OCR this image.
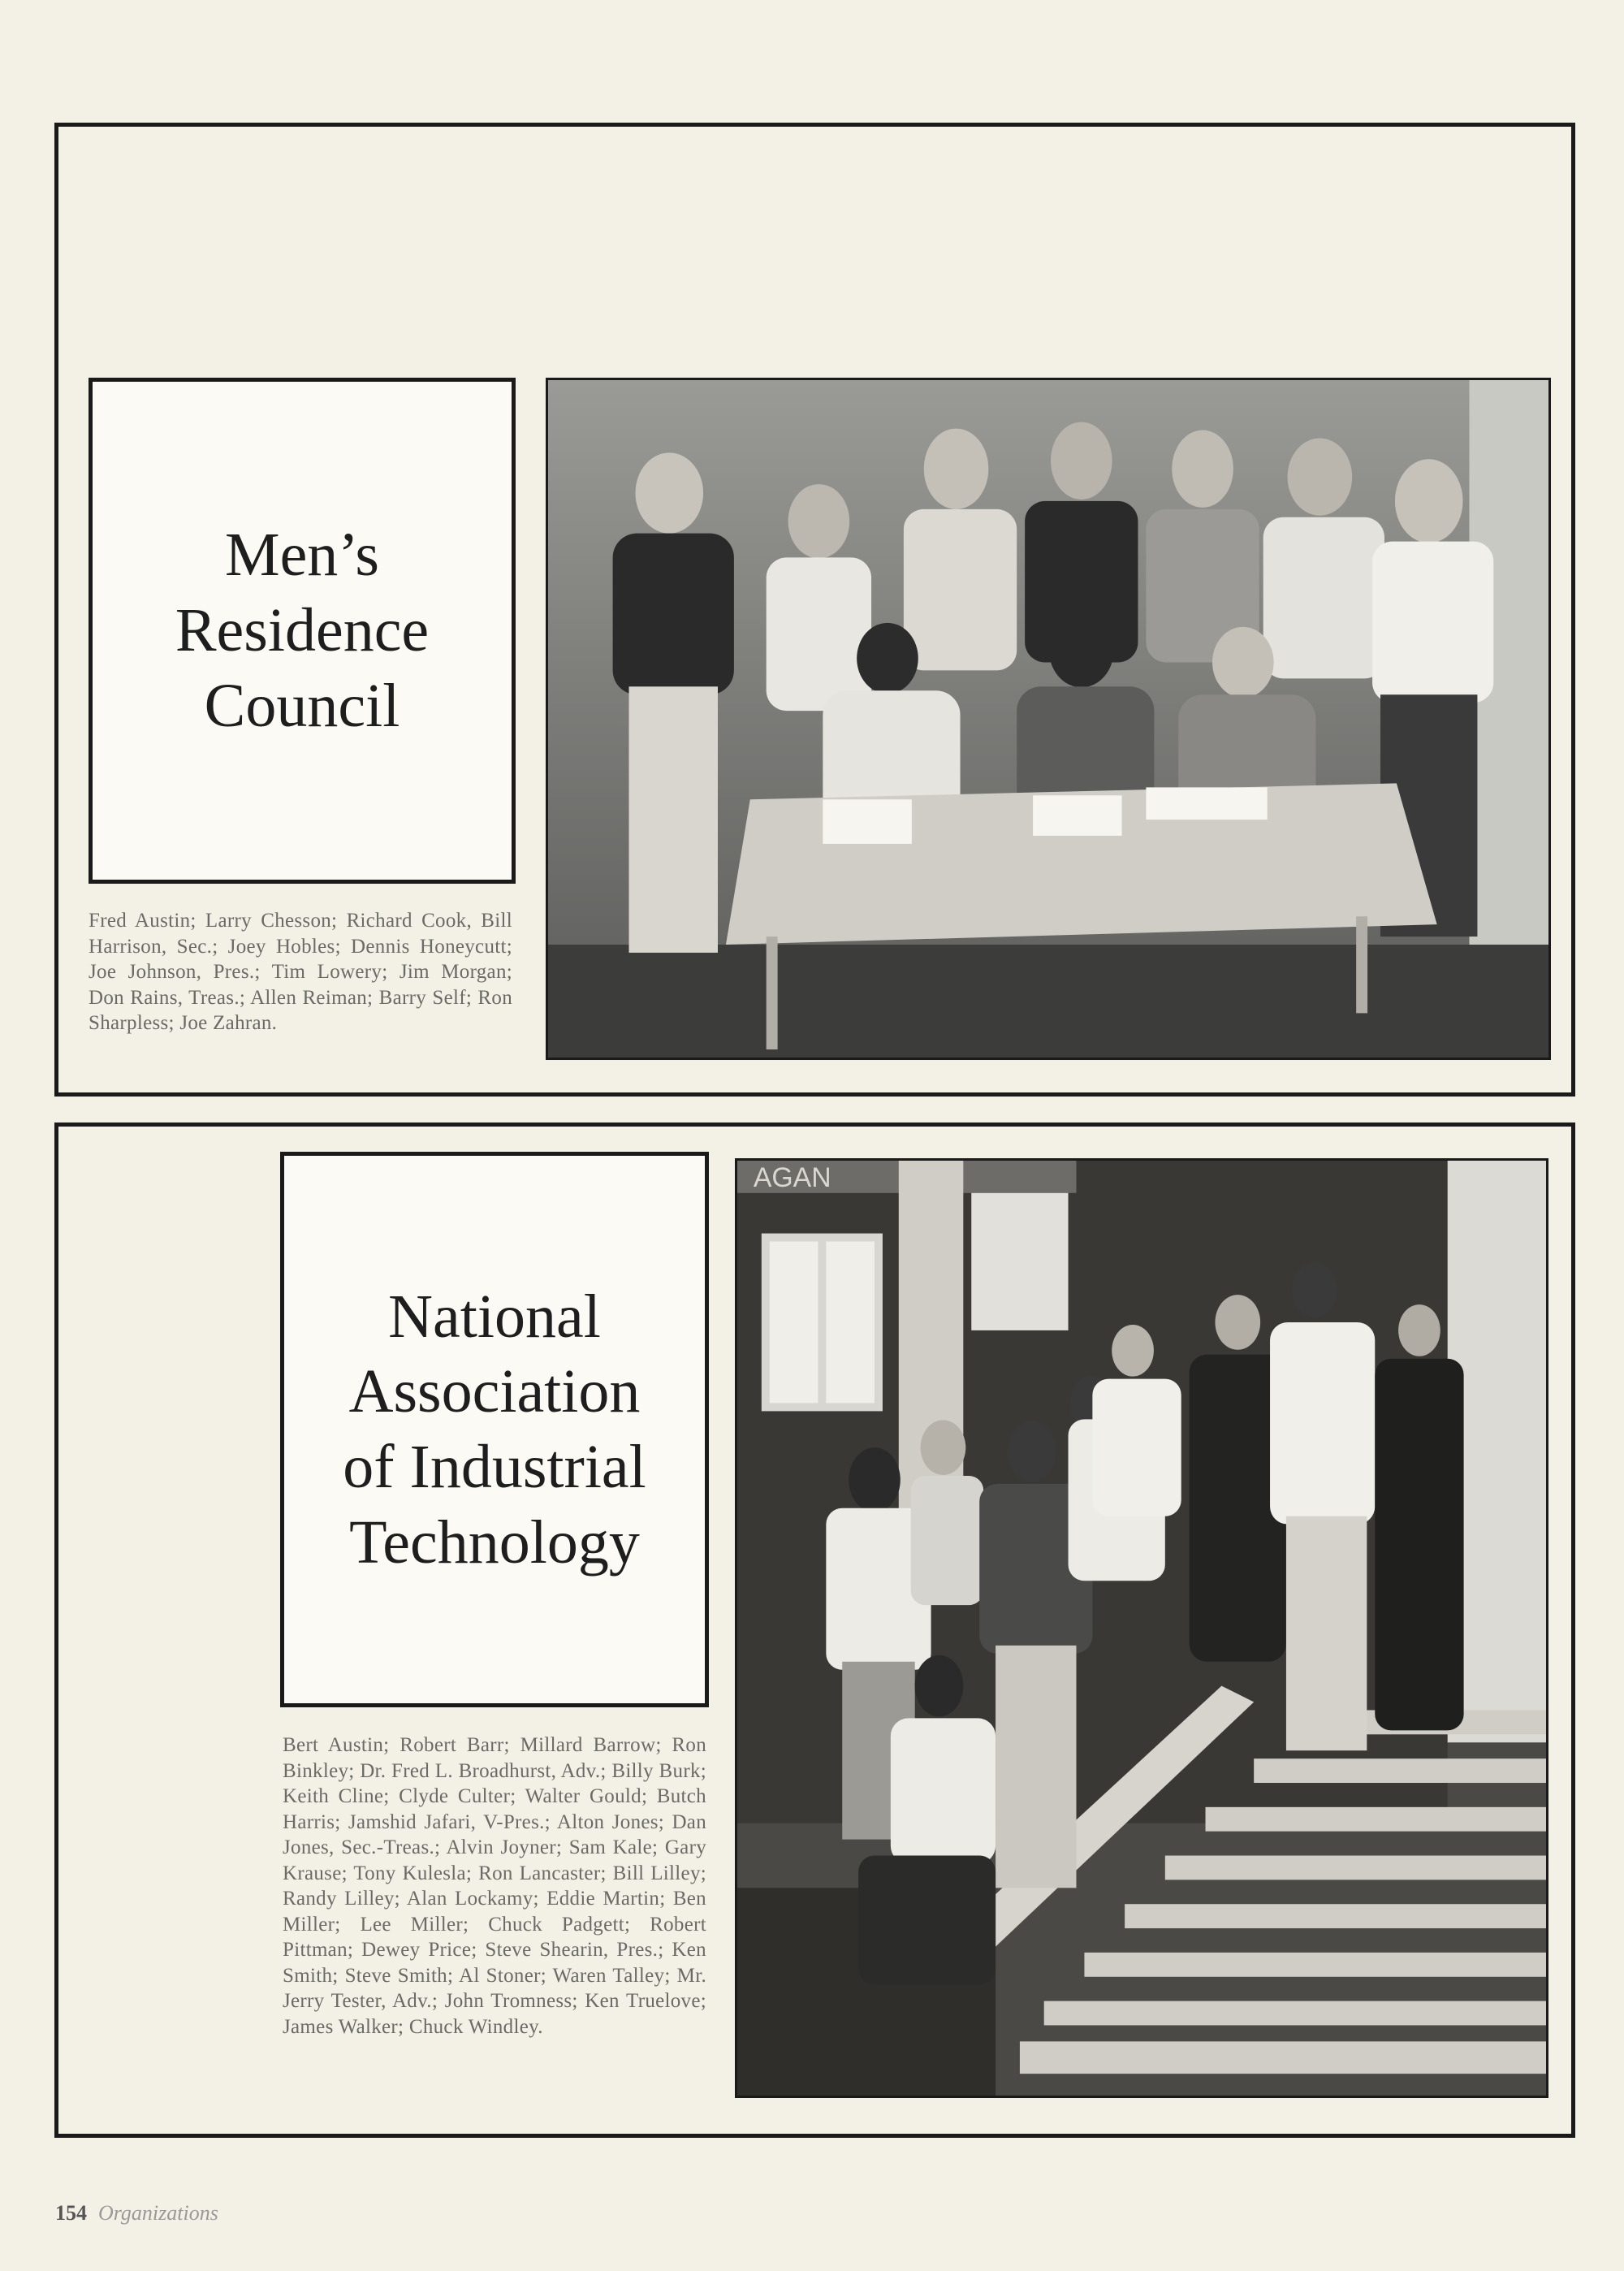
Men’s
Residence
Council

Fred Austin; Larry Chesson; Richard Cook, Bill Harrison, Sec.; Joey Hobles; Dennis Honeycutt; Joe Johnson, Pres.; Tim Lowery; Jim Morgan; Don Rains, Treas.; Allen Reiman; Barry Self; Ron Sharpless; Joe Zahran.

National
Association
of Industrial
Technology

Bert Austin; Robert Barr; Millard Barrow; Ron Binkley; Dr. Fred L. Broadhurst, Adv.; Billy Burk; Keith Cline; Clyde Culter; Walter Gould; Butch Harris; Jamshid Jafari, V-Pres.; Alton Jones; Dan Jones, Sec.-Treas.; Alvin Joyner; Sam Kale; Gary Krause; Tony Kulesla; Ron Lancaster; Bill Lilley; Randy Lilley; Alan Lockamy; Eddie Martin; Ben Miller; Lee Miller; Chuck Padgett; Robert Pittman; Dewey Price; Steve Shearin, Pres.; Ken Smith; Steve Smith; Al Stoner; Waren Talley; Mr. Jerry Tester, Adv.; John Tromness; Ken Truelove; James Walker; Chuck Windley.
AGAN
154 Organizations
